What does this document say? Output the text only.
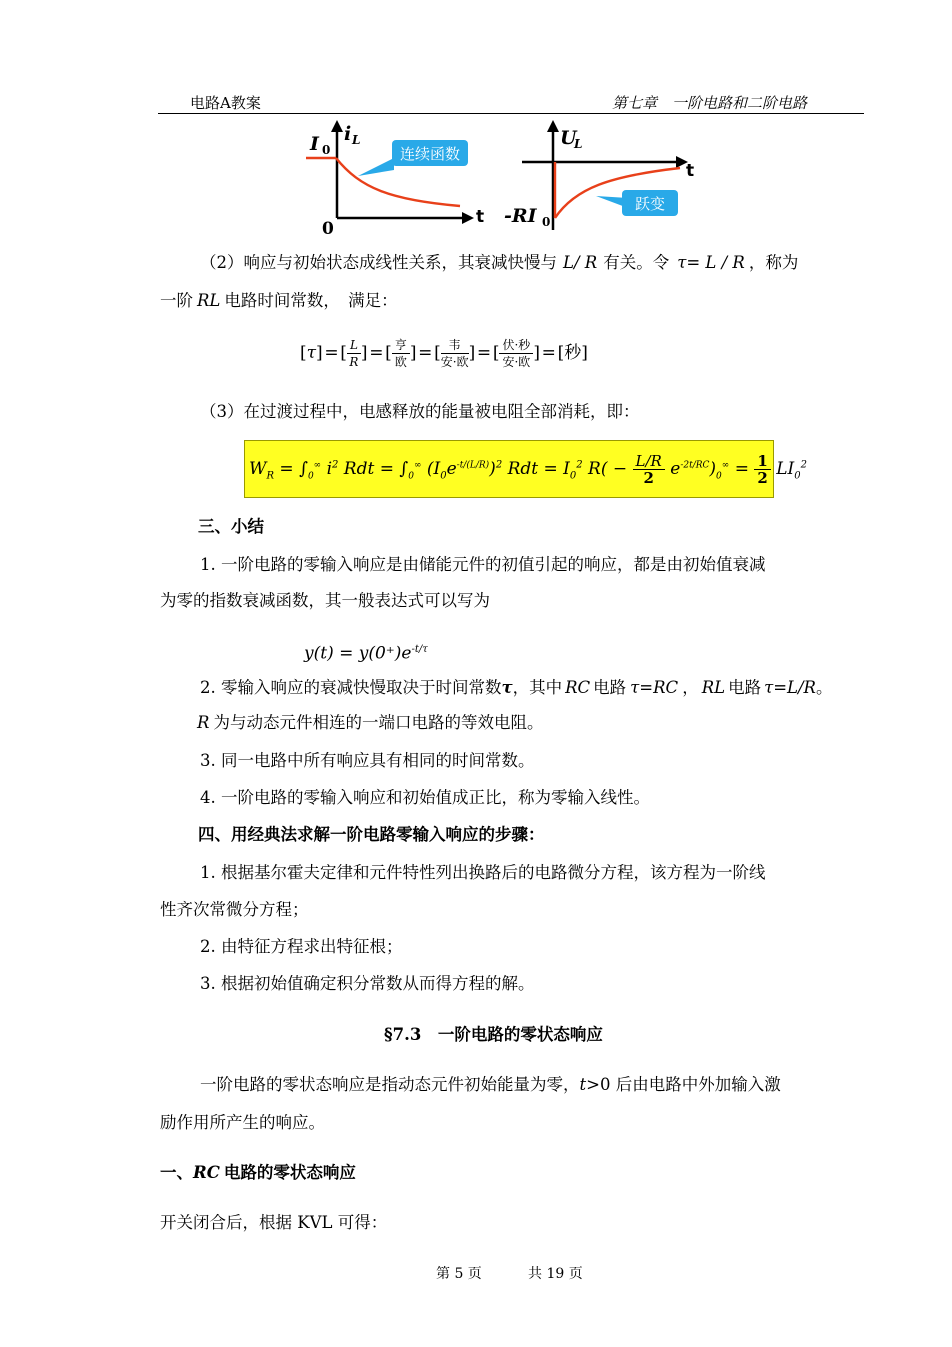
电路A教案	第七章　一阶电路和二阶电路
连续函数
I 0
i L
0
t
跃变
U
L
-RI 0
t
（2）响应与初始状态成线性关系，其衰减快慢与 L/ R 有关。令 τ= L / R ，称为
一阶 RL 电路时间常数，　满足：
[τ] = [ $\frac{L}{R}$ ] = [ $\frac{\text{亨}}{\text{欧}}$ ] = [ $\frac{\text{韦}}{\text{安·欧}}$ ] = [ $\frac{\text{伏·秒}}{\text{安·欧}}$ ] = [秒]
（3）在过渡过程中，电感释放的能量被电阻全部消耗，即：
$W_R = \int_0^\infty$ $i^2$ Rdt = $\int_0^\infty$ $(I_0e^{-t/(L/R)})^2$ Rdt = $I_0^2$ $R( - \frac{L/R}{2} e^{-2t/RC})_0^\infty = \frac{1}{2} LI_0^2$
三、小结
1. 一阶电路的零输入响应是由储能元件的初值引起的响应，都是由初始值衰减
为零的指数衰减函数，其一般表达式可以写为
$y(t) = y(0^+)e^{-t/\tau}$
2. 零输入响应的衰减快慢取决于时间常数τ，其中 RC 电路 τ=RC ， RL 电路 τ=L/R。
R 为与动态元件相连的一端口电路的等效电阻。
3. 同一电路中所有响应具有相同的时间常数。
4. 一阶电路的零输入响应和初始值成正比，称为零输入线性。
四、用经典法求解一阶电路零输入响应的步骤：
1. 根据基尔霍夫定律和元件特性列出换路后的电路微分方程，该方程为一阶线
性齐次常微分方程；
2. 由特征方程求出特征根；
3. 根据初始值确定积分常数从而得方程的解。
§7.3　一阶电路的零状态响应
一阶电路的零状态响应是指动态元件初始能量为零，t>0 后由电路中外加输入激
励作用所产生的响应。
一、RC 电路的零状态响应
开关闭合后，根据 KVL 可得：
第 5 页	共 19 页
